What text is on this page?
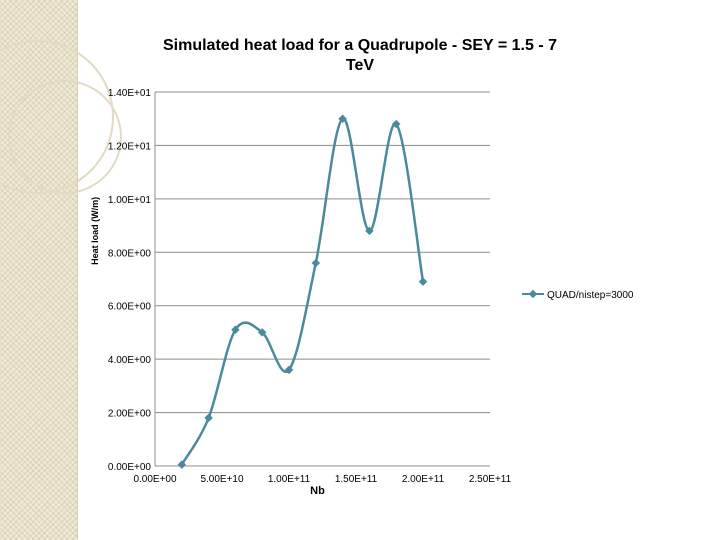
Simulated heat load for a Quadrupole - SEY = 1.5 - 7
TeV
0.00E+00
2.00E+00
4.00E+00
6.00E+00
8.00E+00
1.00E+01
1.20E+01
1.40E+01
0.00E+00 5.00E+10 1.00E+11 1.50E+11 2.00E+11 2.50E+11
QUAD/nistep=3000
Nb
Heat load (W/m)
